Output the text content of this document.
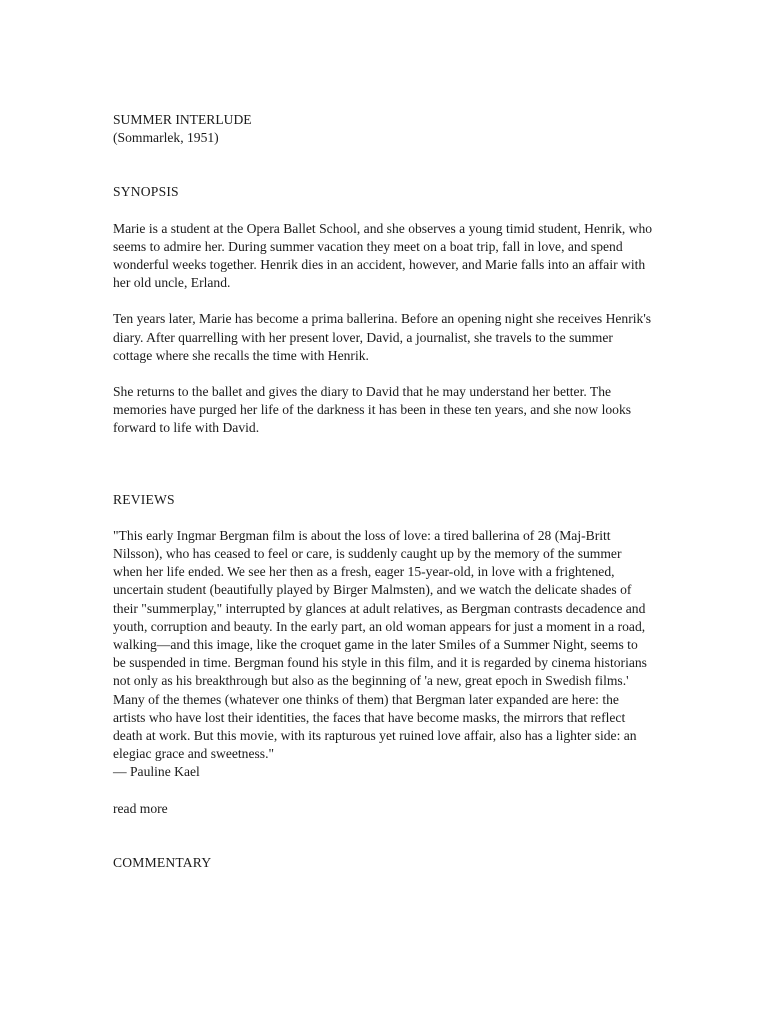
SUMMER INTERLUDE
(Sommarlek, 1951)
SYNOPSIS

Marie is a student at the Opera Ballet School, and she observes a young timid student, Henrik, who seems to admire her. During summer vacation they meet on a boat trip, fall in love, and spend wonderful weeks together. Henrik dies in an accident, however, and Marie falls into an affair with her old uncle, Erland.

Ten years later, Marie has become a prima ballerina. Before an opening night she receives Henrik's diary. After quarrelling with her present lover, David, a journalist, she travels to the summer cottage where she recalls the time with Henrik.

She returns to the ballet and gives the diary to David that he may understand her better. The memories have purged her life of the darkness it has been in these ten years, and she now looks forward to life with David.

REVIEWS

"This early Ingmar Bergman film is about the loss of love: a tired ballerina of 28 (Maj-Britt Nilsson), who has ceased to feel or care, is suddenly caught up by the memory of the summer when her life ended. We see her then as a fresh, eager 15-year-old, in love with a frightened, uncertain student (beautifully played by Birger Malmsten), and we watch the delicate shades of their "summerplay," interrupted by glances at adult relatives, as Bergman contrasts decadence and youth, corruption and beauty. In the early part, an old woman appears for just a moment in a road, walking—and this image, like the croquet game in the later Smiles of a Summer Night, seems to be suspended in time. Bergman found his style in this film, and it is regarded by cinema historians not only as his breakthrough but also as the beginning of 'a new, great epoch in Swedish films.' Many of the themes (whatever one thinks of them) that Bergman later expanded are here: the artists who have lost their identities, the faces that have become masks, the mirrors that reflect death at work. But this movie, with its rapturous yet ruined love affair, also has a lighter side: an elegiac grace and sweetness."

— Pauline Kael
read more
COMMENTARY
